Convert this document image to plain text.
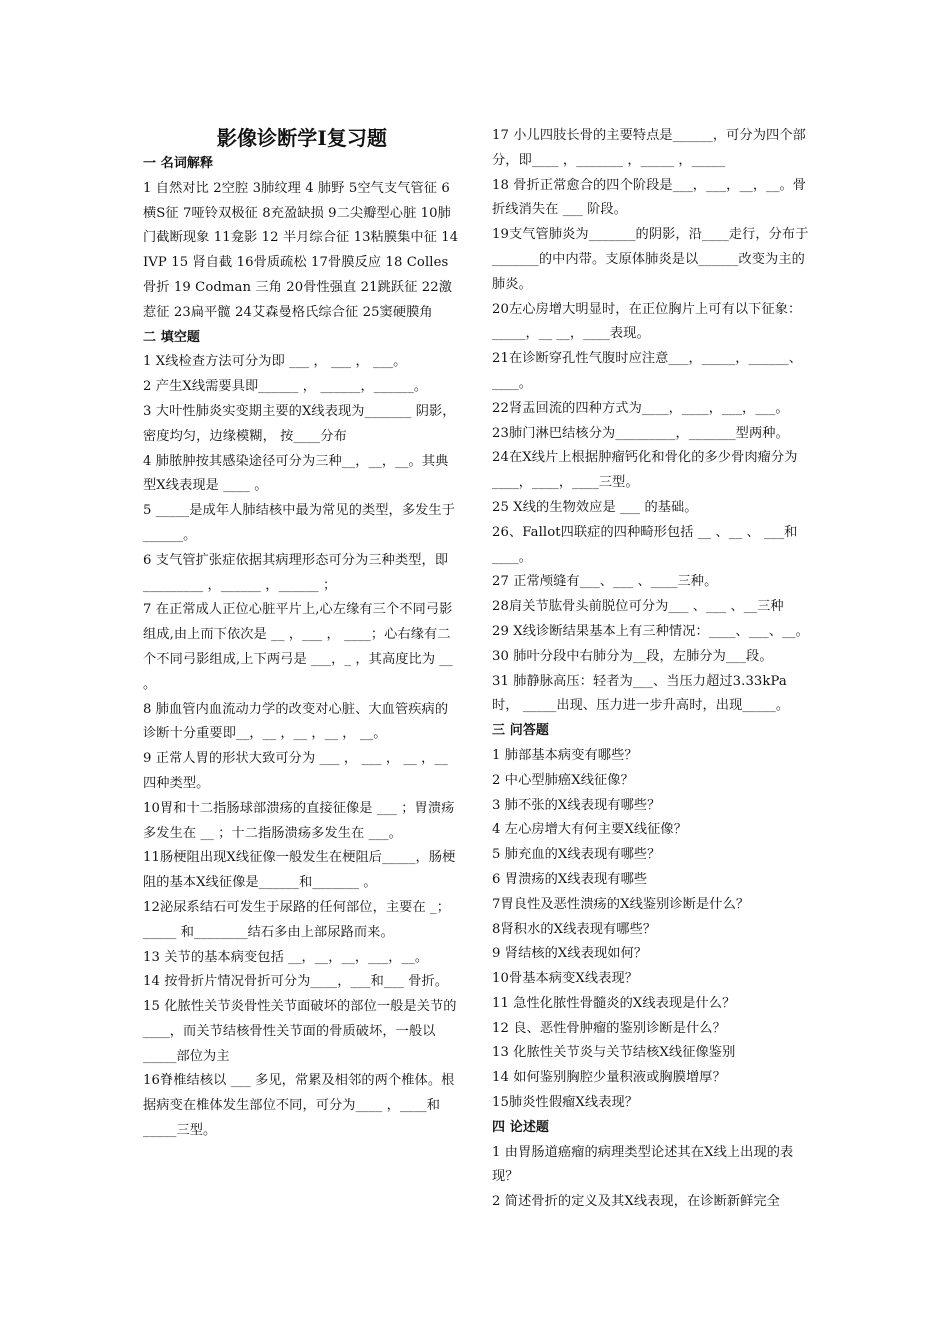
影像诊断学Ⅰ复习题
一 名词解释

1 自然对比 2空腔 3肺纹理 4 肺野 5空气支气管征 6横S征 7哑铃双极征 8充盈缺损 9二尖瓣型心脏 10肺门截断现象 11龛影 12 半月综合征 13粘膜集中征 14 IVP 15 肾自截 16骨质疏松 17骨膜反应 18 Colles骨折 19 Codman 三角 20骨性强直 21跳跃征 22激惹征 23扁平髋 24艾森曼格氏综合征 25窦硬膜角

二 填空题

1 X线检查方法可分为即 ___ ， ___ ， ___。

2 产生X线需要具即______ ， ______，______。

3 大叶性肺炎实变期主要的X线表现为_______ 阴影，密度均匀，边缘模糊， 按____分布

4 肺脓肿按其感染途径可分为三种__，__，__。其典型X线表现是 ____ 。

5 _____是成年人肺结核中最为常见的类型，多发生于______。

6 支气管扩张症依据其病理形态可分为三种类型，即_________ ，______ ，______ ；

7 在正常成人正位心脏平片上,心左缘有三个不同弓影组成,由上而下依次是 __ ，___ ， ____；心右缘有二个不同弓影组成,上下两弓是 ___，_ ，其高度比为 __ 。

8 肺血管内血流动力学的改变对心脏、大血管疾病的诊断十分重要即__，__ ，__ ，__ ， __。

9 正常人胃的形状大致可分为 ___ ， ___ ， __ ，__四种类型。

10胃和十二指肠球部溃疡的直接征像是 ___ ；胃溃疡多发生在 __ ；十二指肠溃疡多发生在 ___。

11肠梗阻出现X线征像一般发生在梗阻后_____，肠梗阻的基本X线征像是______和_______ 。

12泌尿系结石可发生于尿路的任何部位，主要在 _；_____ 和________结石多由上部尿路而来。

13 关节的基本病变包括 __，__，__，___，__。

14 按骨折片情况骨折可分为____，___和___ 骨折。

15 化脓性关节炎骨性关节面破坏的部位一般是关节的____，而关节结核骨性关节面的骨质破坏，一般以_____部位为主

16脊椎结核以 ___ 多见，常累及相邻的两个椎体。根据病变在椎体发生部位不同，可分为____ ，____和_____三型。

17 小儿四肢长骨的主要特点是______，可分为四个部分，即____ ，_______ ，_____ ，_____

18 骨折正常愈合的四个阶段是___，___，__，__。骨折线消失在 ___ 阶段。

19支气管肺炎为_______的阴影，沿____走行，分布于_______的中内带。支原体肺炎是以______改变为主的肺炎。

20左心房增大明显时，在正位胸片上可有以下征象：_____，__ __，____表现。

21在诊断穿孔性气腹时应注意___，_____，______、____。

22肾盂回流的四种方式为____，____，___，___。

23肺门淋巴结核分为_________，_______型两种。

24在X线片上根据肿瘤钙化和骨化的多少骨肉瘤分为____，____，____三型。

25 X线的生物效应是 ___ 的基础。

26、Fallot四联症的四种畸形包括 __ 、__ 、 ___和____。

27 正常颅缝有___、___ 、____三种。

28肩关节肱骨头前脱位可分为___ 、___ 、__三种

29 X线诊断结果基本上有三种情况：____、___、__。30 肺叶分段中右肺分为__段，左肺分为___段。

31 肺静脉高压：轻者为___、当压力超过3.33kPa时， _____出现、压力进一步升高时，出现_____。

三 问答题

1 肺部基本病变有哪些？

2 中心型肺癌X线征像？

3 肺不张的X线表现有哪些？

4 左心房增大有何主要X线征像？

5 肺充血的X线表现有哪些？

6 胃溃疡的X线表现有哪些

7胃良性及恶性溃疡的X线鉴别诊断是什么？

8肾积水的X线表现有哪些？

9 肾结核的X线表现如何？

10骨基本病变X线表现？

11 急性化脓性骨髓炎的X线表现是什么？

12 良、恶性骨肿瘤的鉴别诊断是什么？

13 化脓性关节炎与关节结核X线征像鉴别

14 如何鉴别胸腔少量积液或胸膜增厚？

15肺炎性假瘤X线表现？

四 论述题

1 由胃肠道癌瘤的病理类型论述其在X线上出现的表现？

2 简述骨折的定义及其X线表现，在诊断新鲜完全
